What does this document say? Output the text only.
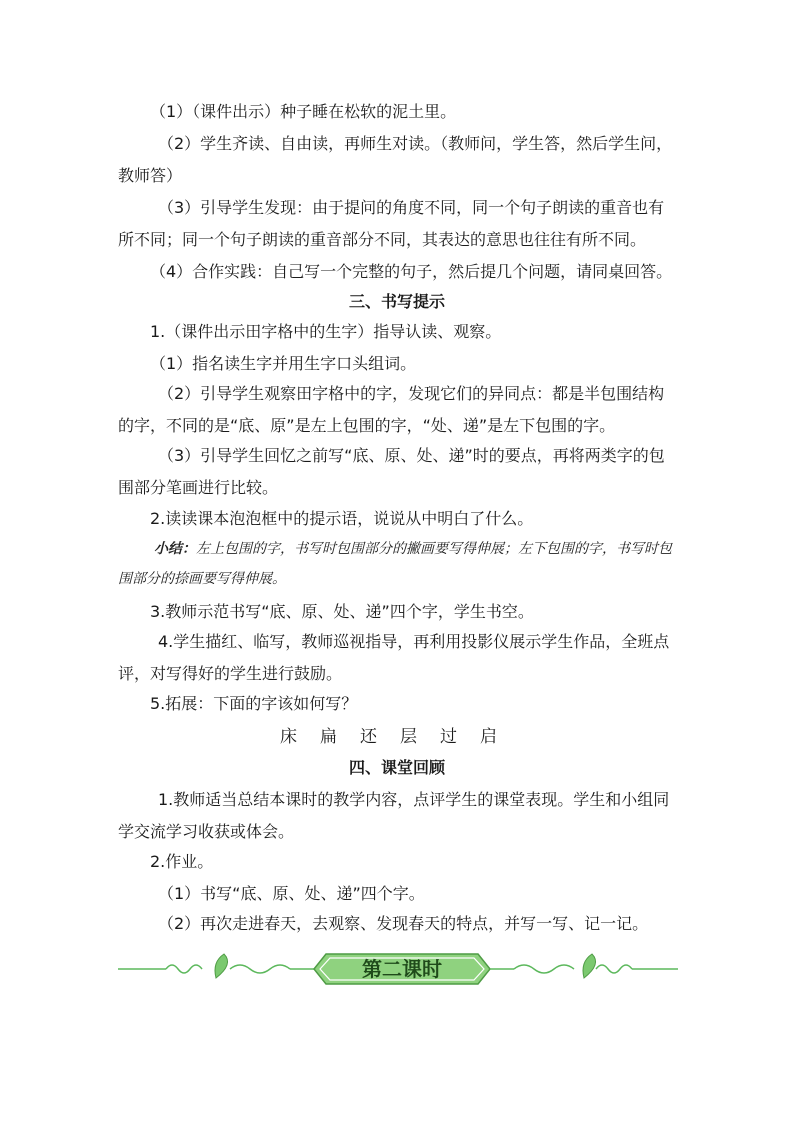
（1）（课件出示）种子睡在松软的泥土里。
（2）学生齐读、自由读，再师生对读。（教师问，学生答，然后学生问，教师答）
（3）引导学生发现：由于提问的角度不同，同一个句子朗读的重音也有所不同；同一个句子朗读的重音部分不同，其表达的意思也往往有所不同。
（4）合作实践：自己写一个完整的句子，然后提几个问题，请同桌回答。
三、书写提示
1.（课件出示田字格中的生字）指导认读、观察。
（1）指名读生字并用生字口头组词。
（2）引导学生观察田字格中的字，发现它们的异同点：都是半包围结构的字，不同的是“底、原”是左上包围的字，“处、递”是左下包围的字。
（3）引导学生回忆之前写“底、原、处、递”时的要点，再将两类字的包围部分笔画进行比较。
2.读读课本泡泡框中的提示语，说说从中明白了什么。
小结：左上包围的字，书写时包围部分的撇画要写得伸展；左下包围的字，书写时包围部分的捺画要写得伸展。
3.教师示范书写“底、原、处、递”四个字，学生书空。
4.学生描红、临写，教师巡视指导，再利用投影仪展示学生作品，全班点评，对写得好的学生进行鼓励。
5.拓展：下面的字该如何写？
床	扁	还	层	过	启
四、课堂回顾
1.教师适当总结本课时的教学内容，点评学生的课堂表现。学生和小组同学交流学习收获或体会。
2.作业。
（1）书写“底、原、处、递”四个字。
（2）再次走进春天，去观察、发现春天的特点，并写一写、记一记。
第二课时
